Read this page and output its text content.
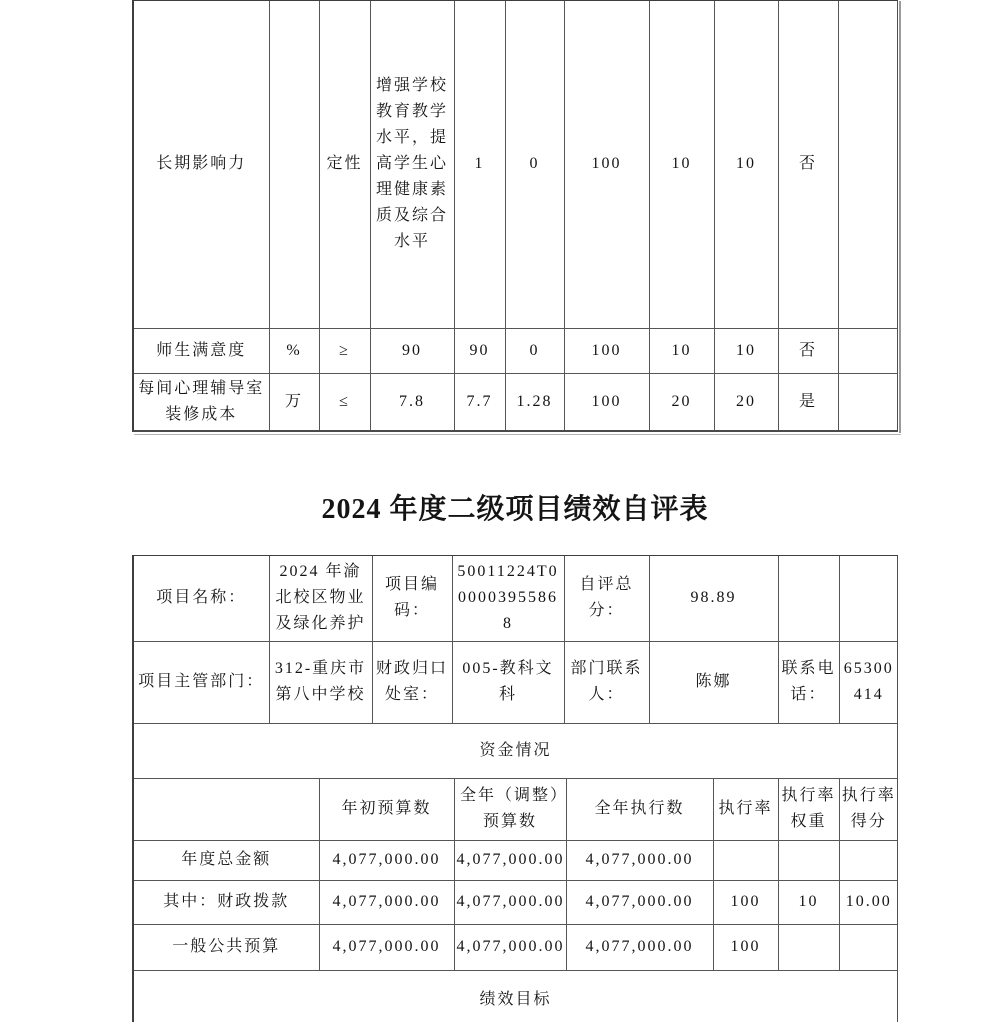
长期影响力		定性	增强学校教育教学水平，提高学生心理健康素质及综合水平	1	0	100	10	10	否	
师生满意度	%	≥	90	90	0	100	10	10	否	
每间心理辅导室装修成本	万	≤	7.8	7.7	1.28	100	20	20	是	
2024 年度二级项目绩效自评表
项目名称：	2024 年渝北校区物业及绿化养护	项目编码：	50011224T000003955868	自评总分：	98.89		
项目主管部门：	312-重庆市第八中学校	财政归口处室：	005-教科文科	部门联系人：	陈娜	联系电话：	65300414
资金情况
	年初预算数	全年（调整）预算数	全年执行数	执行率	执行率权重	执行率得分
年度总金额	4,077,000.00	4,077,000.00	4,077,000.00			
其中：财政拨款	4,077,000.00	4,077,000.00	4,077,000.00	100	10	10.00
一般公共预算	4,077,000.00	4,077,000.00	4,077,000.00	100		
绩效目标
